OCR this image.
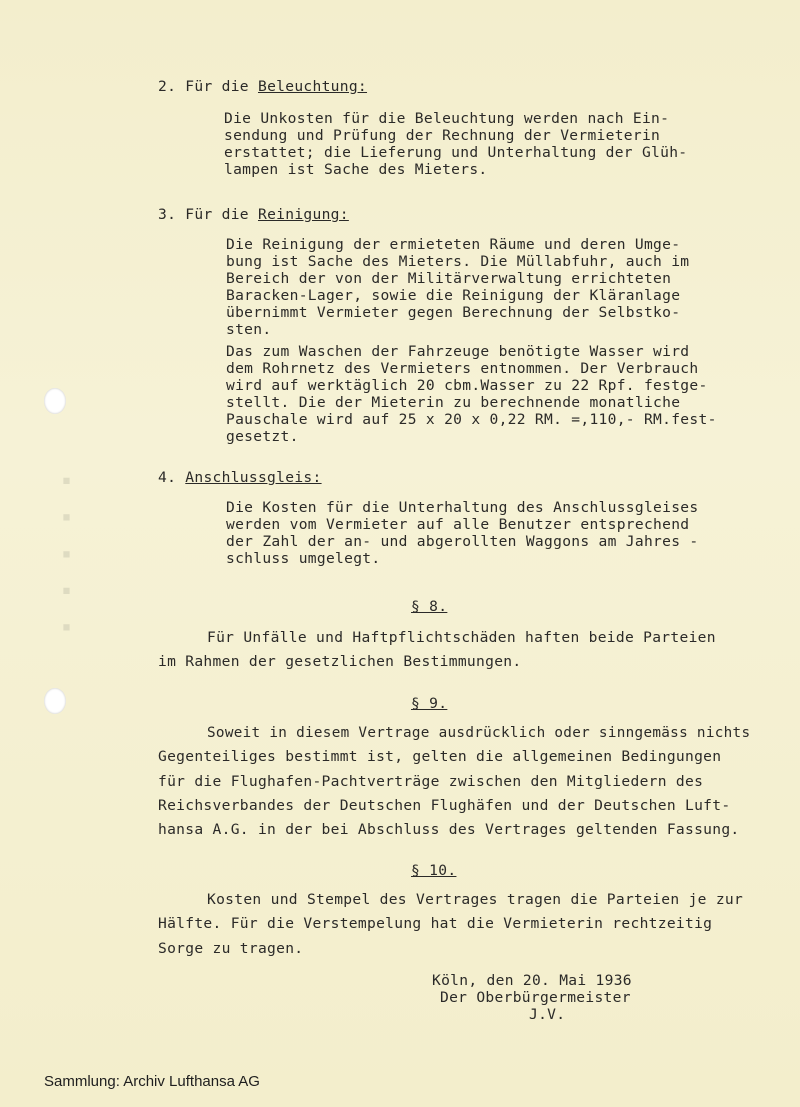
▪ ▪ ▪ ▪ ▪
2. Für die Beleuchtung:
Die Unkosten für die Beleuchtung werden nach Ein-
sendung und Prüfung der Rechnung der Vermieterin
erstattet; die Lieferung und Unterhaltung der Glüh-
lampen ist Sache des Mieters.
3. Für die Reinigung:
Die Reinigung der ermieteten Räume und deren Umge-
bung ist Sache des Mieters. Die Müllabfuhr, auch im
Bereich der von der Militärverwaltung errichteten
Baracken-Lager, sowie die Reinigung der Kläranlage
übernimmt Vermieter gegen Berechnung der Selbstko-
sten.
Das zum Waschen der Fahrzeuge benötigte Wasser wird
dem Rohrnetz des Vermieters entnommen. Der Verbrauch
wird auf werktäglich 20 cbm.Wasser zu 22 Rpf. festge-
stellt. Die der Mieterin zu berechnende monatliche
Pauschale wird auf 25 x 20 x 0,22 RM. =,110,- RM.fest-
gesetzt.
4. Anschlussgleis:
Die Kosten für die Unterhaltung des Anschlussgleises
werden vom Vermieter auf alle Benutzer entsprechend
der Zahl der an- und abgerollten Waggons am Jahres -
schluss umgelegt.
§ 8.
Für Unfälle und Haftpflichtschäden haften beide Parteien
im Rahmen der gesetzlichen Bestimmungen.
§ 9.
Soweit in diesem Vertrage ausdrücklich oder sinngemäss nichts
Gegenteiliges bestimmt ist, gelten die allgemeinen Bedingungen
für die Flughafen-Pachtverträge zwischen den Mitgliedern des
Reichsverbandes der Deutschen Flughäfen und der Deutschen Luft-
hansa A.G. in der bei Abschluss des Vertrages geltenden Fassung.
§ 10.
Kosten und Stempel des Vertrages tragen die Parteien je zur
Hälfte. Für die Verstempelung hat die Vermieterin rechtzeitig
Sorge zu tragen.
Köln, den 20. Mai 1936
Der Oberbürgermeister
J.V.
Sammlung: Archiv Lufthansa AG
